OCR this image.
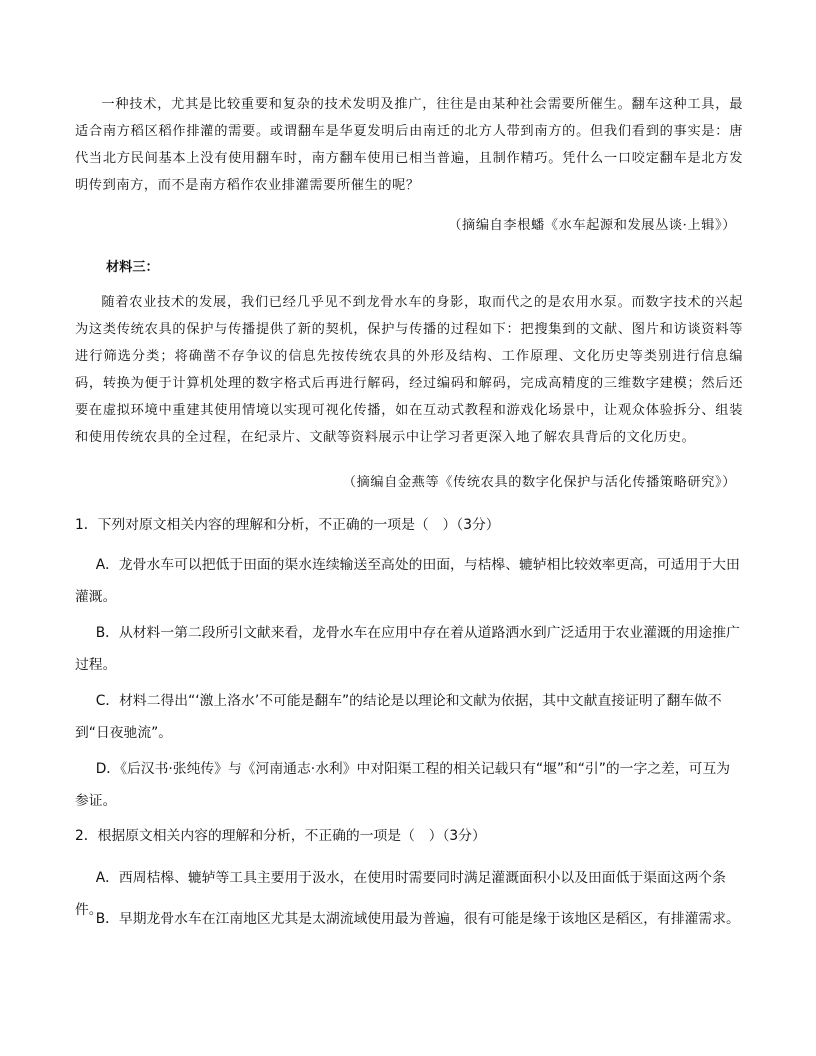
一种技术，尤其是比较重要和复杂的技术发明及推广，往往是由某种社会需要所催生。翻车这种工具，最适合南方稻区稻作排灌的需要。或谓翻车是华夏发明后由南迁的北方人带到南方的。但我们看到的事实是：唐代当北方民间基本上没有使用翻车时，南方翻车使用已相当普遍，且制作精巧。凭什么一口咬定翻车是北方发明传到南方，而不是南方稻作农业排灌需要所催生的呢？

（摘编自李根蟠《水车起源和发展丛谈·上辑》）

材料三：

随着农业技术的发展，我们已经几乎见不到龙骨水车的身影，取而代之的是农用水泵。而数字技术的兴起为这类传统农具的保护与传播提供了新的契机，保护与传播的过程如下：把搜集到的文献、图片和访谈资料等进行筛选分类；将确凿不存争议的信息先按传统农具的外形及结构、工作原理、文化历史等类别进行信息编码，转换为便于计算机处理的数字格式后再进行解码，经过编码和解码，完成高精度的三维数字建模；然后还要在虚拟环境中重建其使用情境以实现可视化传播，如在互动式教程和游戏化场景中，让观众体验拆分、组装和使用传统农具的全过程，在纪录片、文献等资料展示中让学习者更深入地了解农具背后的文化历史。

（摘编自金燕等《传统农具的数字化保护与活化传播策略研究》）

1．下列对原文相关内容的理解和分析，不正确的一项是（　）（3分）

A．龙骨水车可以把低于田面的渠水连续输送至高处的田面，与桔槔、辘轳相比较效率更高，可适用于大田灌溉。

B．从材料一第二段所引文献来看，龙骨水车在应用中存在着从道路洒水到广泛适用于农业灌溉的用途推广过程。

C．材料二得出“‘激上洛水’不可能是翻车”的结论是以理论和文献为依据，其中文献直接证明了翻车做不到“日夜驰流”。

D．《后汉书·张纯传》与《河南通志·水利》中对阳渠工程的相关记载只有“堰”和“引”的一字之差，可互为参证。

2．根据原文相关内容的理解和分析，不正确的一项是（　）（3分）

A．西周桔槔、辘轳等工具主要用于汲水，在使用时需要同时满足灌溉面积小以及田面低于渠面这两个条件。

B．早期龙骨水车在江南地区尤其是太湖流域使用最为普遍，很有可能是缘于该地区是稻区，有排灌需求。
